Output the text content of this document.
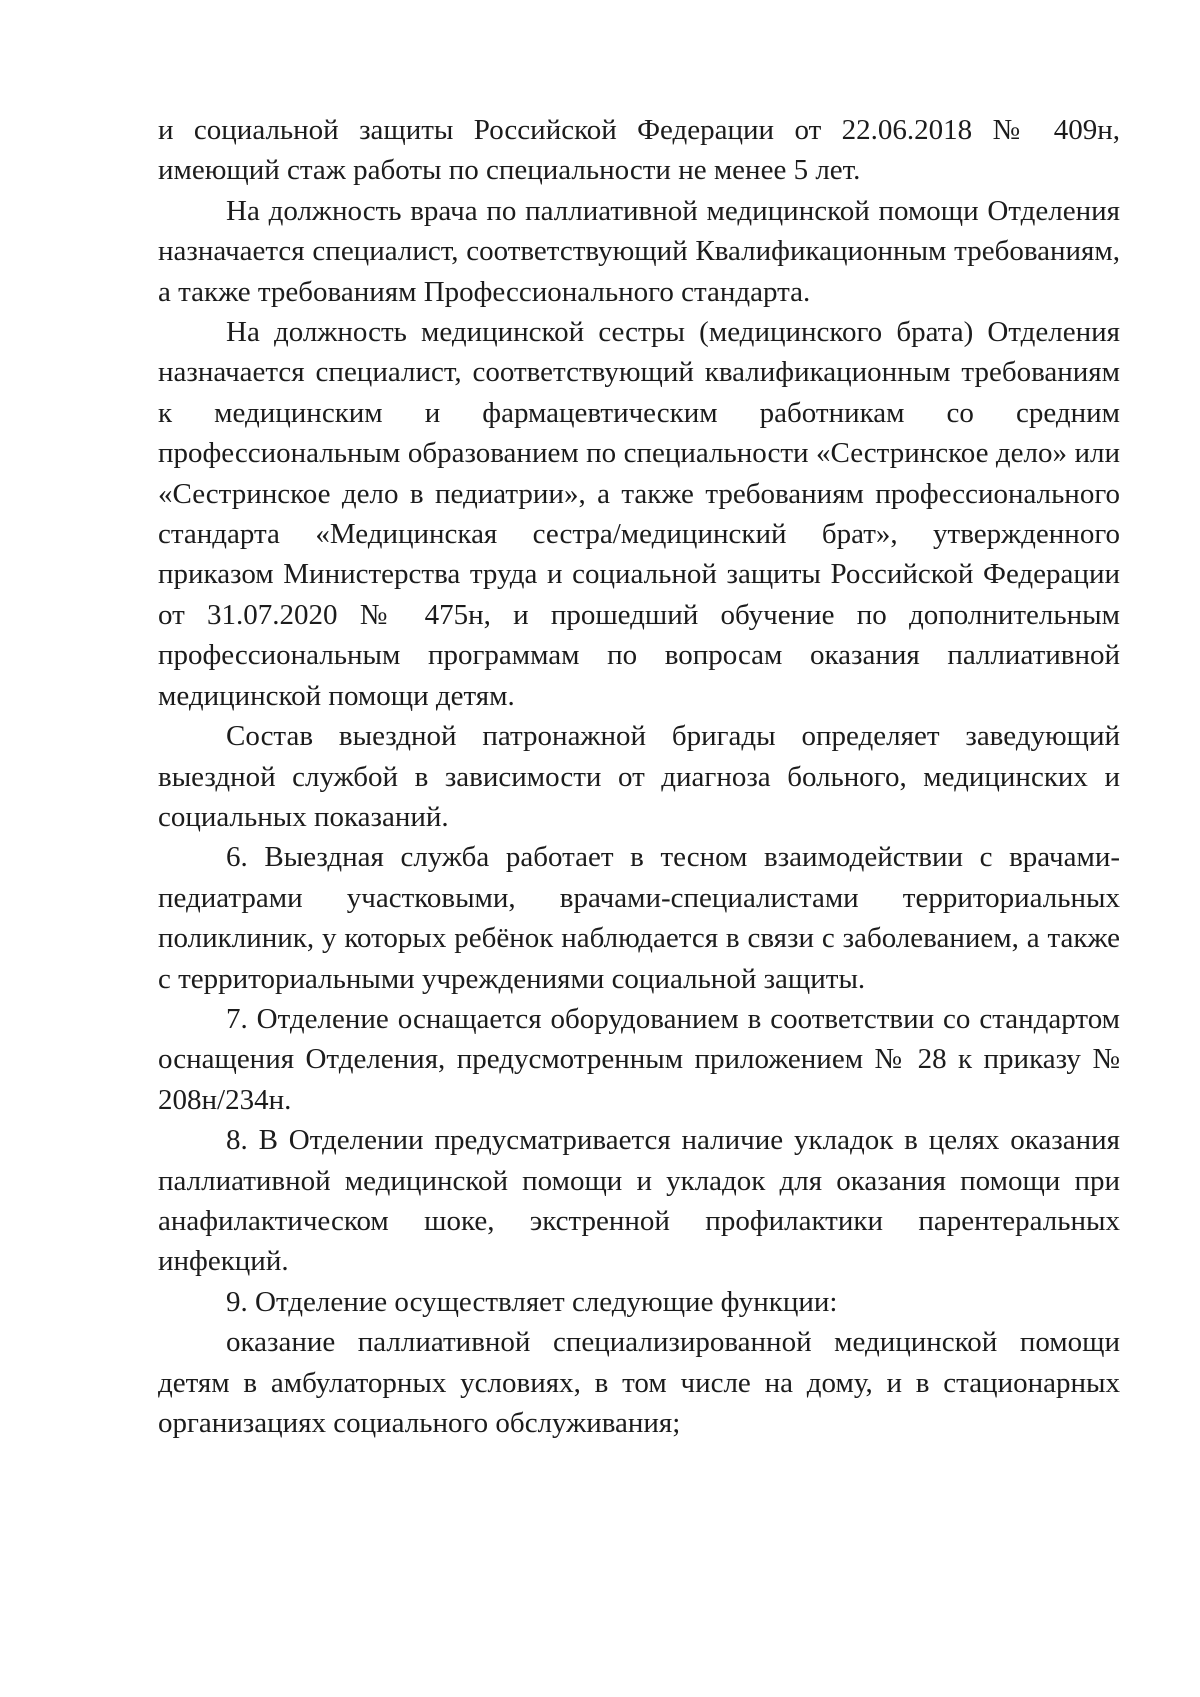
и социальной защиты Российской Федерации от 22.06.2018 № 409н, имеющий стаж работы по специальности не менее 5 лет.

На должность врача по паллиативной медицинской помощи Отделения назначается специалист, соответствующий Квалификационным требованиям, а также требованиям Профессионального стандарта.

На должность медицинской сестры (медицинского брата) Отделения назначается специалист, соответствующий квалификационным требованиям к медицинским и фармацевтическим работникам со средним профессиональным образованием по специальности «Сестринское дело» или «Сестринское дело в педиатрии», а также требованиям профессионального стандарта «Медицинская сестра/медицинский брат», утвержденного приказом Министерства труда и социальной защиты Российской Федерации от 31.07.2020 № 475н, и прошедший обучение по дополнительным профессиональным программам по вопросам оказания паллиативной медицинской помощи детям.

Состав выездной патронажной бригады определяет заведующий выездной службой в зависимости от диагноза больного, медицинских и социальных показаний.

6. Выездная служба работает в тесном взаимодействии с врачами-педиатрами участковыми, врачами-специалистами территориальных поликлиник, у которых ребёнок наблюдается в связи с заболеванием, а также с территориальными учреждениями социальной защиты.

7. Отделение оснащается оборудованием в соответствии со стандартом оснащения Отделения, предусмотренным приложением № 28 к приказу № 208н/234н.

8. В Отделении предусматривается наличие укладок в целях оказания паллиативной медицинской помощи и укладок для оказания помощи при анафилактическом шоке, экстренной профилактики парентеральных инфекций.

9. Отделение осуществляет следующие функции:

оказание паллиативной специализированной медицинской помощи детям в амбулаторных условиях, в том числе на дому, и в стационарных организациях социального обслуживания;
